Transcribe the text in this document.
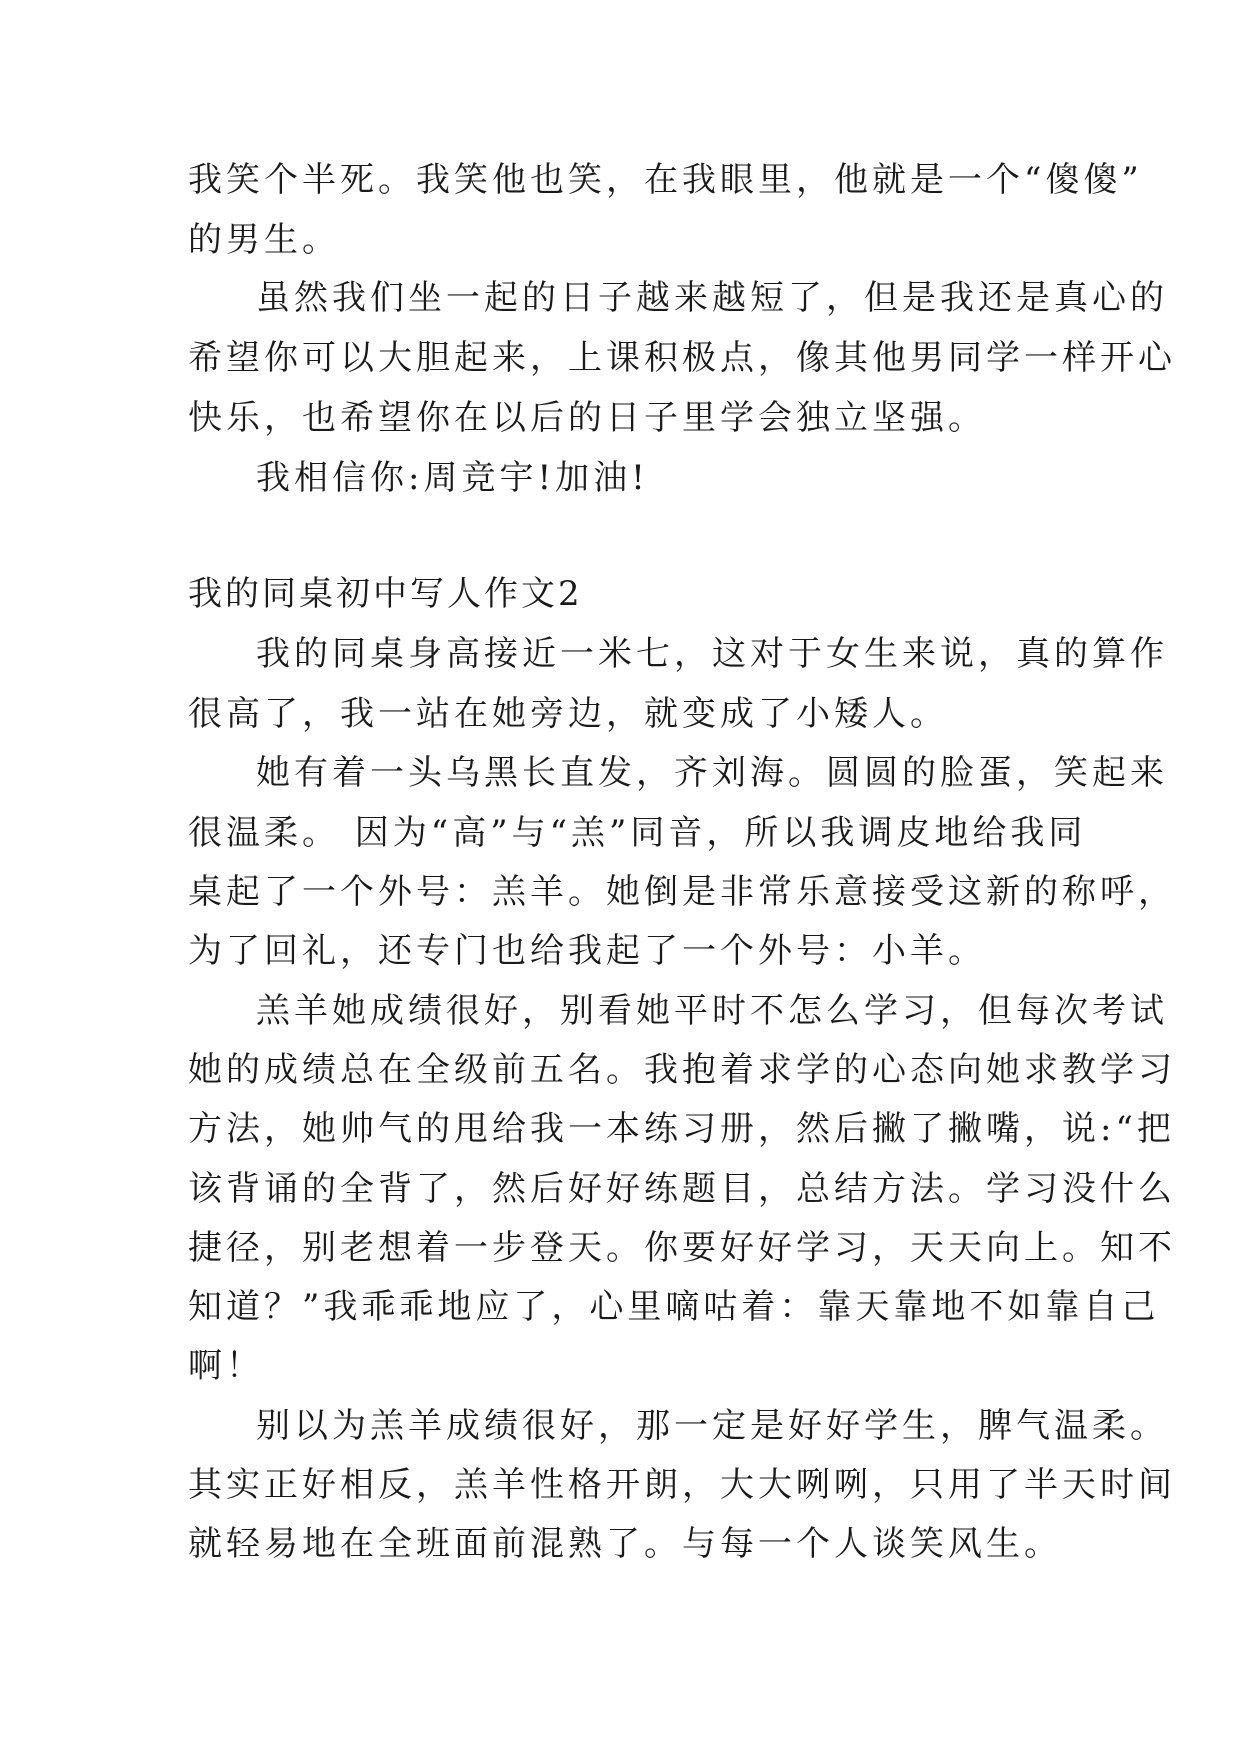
我笑个半死。我笑他也笑，在我眼里，他就是一个“傻傻”
的男生。
虽然我们坐一起的日子越来越短了，但是我还是真心的
希望你可以大胆起来，上课积极点，像其他男同学一样开心
快乐，也希望你在以后的日子里学会独立坚强。
我相信你:周竞宇!加油!
我的同桌初中写人作文2
我的同桌身高接近一米七，这对于女生来说，真的算作
很高了，我一站在她旁边，就变成了小矮人。
她有着一头乌黑长直发，齐刘海。圆圆的脸蛋，笑起来
很温柔。 因为“高”与“羔”同音，所以我调皮地给我同
桌起了一个外号：羔羊。她倒是非常乐意接受这新的称呼，
为了回礼，还专门也给我起了一个外号：小羊。
羔羊她成绩很好，别看她平时不怎么学习，但每次考试
她的成绩总在全级前五名。我抱着求学的心态向她求教学习
方法，她帅气的甩给我一本练习册，然后撇了撇嘴，说:“把
该背诵的全背了，然后好好练题目，总结方法。学习没什么
捷径，别老想着一步登天。你要好好学习，天天向上。知不
知道？”我乖乖地应了，心里嘀咕着：靠天靠地不如靠自己
啊！
别以为羔羊成绩很好，那一定是好好学生，脾气温柔。
其实正好相反，羔羊性格开朗，大大咧咧，只用了半天时间
就轻易地在全班面前混熟了。与每一个人谈笑风生。
